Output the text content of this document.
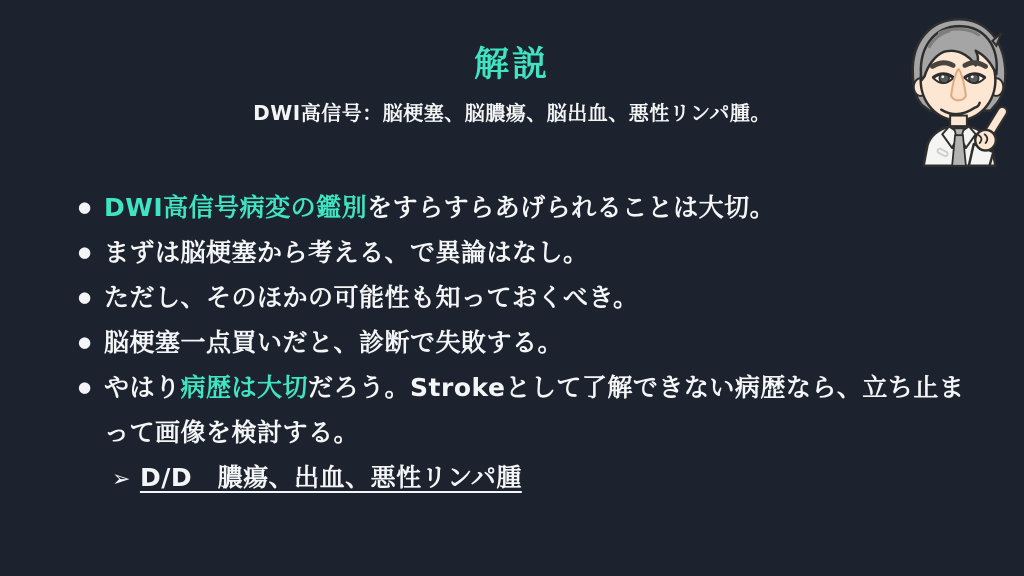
解説

DWI高信号：脳梗塞、脳膿瘍、脳出血、悪性リンパ腫。

● DWI高信号病変の鑑別をすらすらあげられることは大切。
● まずは脳梗塞から考える、で異論はなし。
● ただし、そのほかの可能性も知っておくべき。
● 脳梗塞一点買いだと、診断で失敗する。
● やはり病歴は大切だろう。Strokeとして了解できない病歴なら、立ち止まって画像を検討する。
➢ D/D　膿瘍、出血、悪性リンパ腫
